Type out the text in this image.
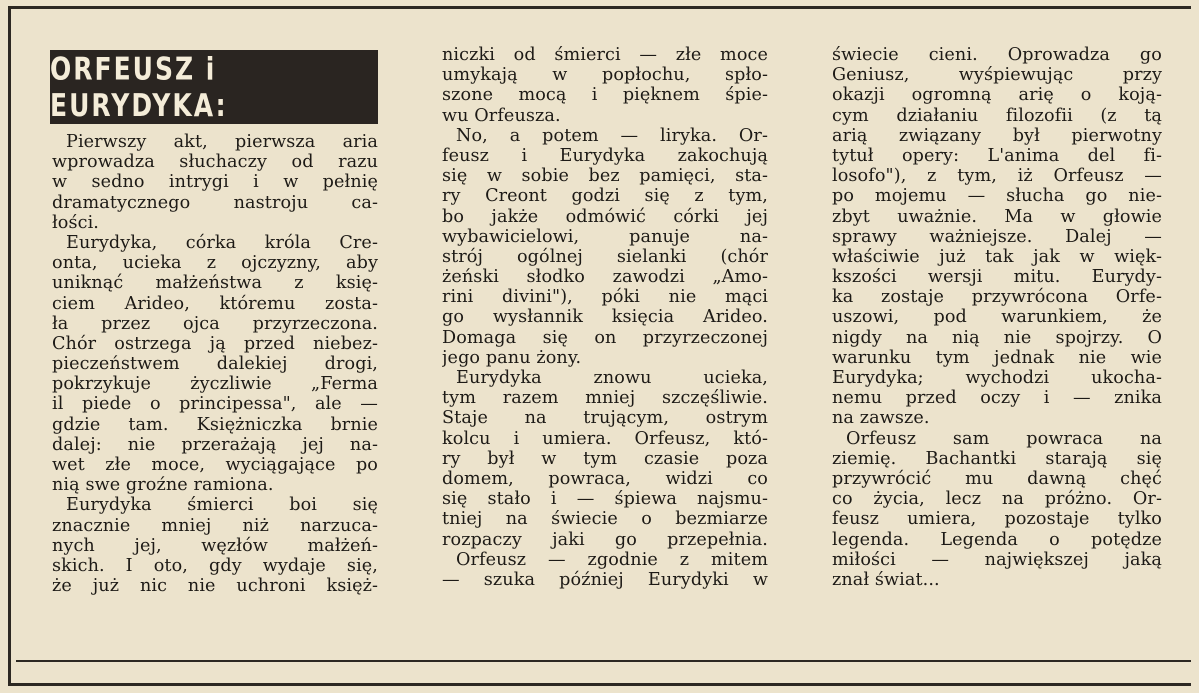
ORFEUSZ i EURYDYKA:
Pierwszy akt, pierwsza aria
wprowadza słuchaczy od razu
w sedno intrygi i w pełnię
dramatycznego nastroju ca-
łości.
Eurydyka, córka króla Cre-
onta, ucieka z ojczyzny, aby
uniknąć małżeństwa z księ-
ciem Arideo, któremu zosta-
ła przez ojca przyrzeczona.
Chór ostrzega ją przed niebez-
pieczeństwem dalekiej drogi,
pokrzykuje życzliwie „Ferma
il piede o principessa", ale —
gdzie tam. Księżniczka brnie
dalej: nie przerażają jej na-
wet złe moce, wyciągające po
nią swe groźne ramiona.
Eurydyka śmierci boi się
znacznie mniej niż narzuca-
nych jej, węzłów małżeń-
skich. I oto, gdy wydaje się,
że już nic nie uchroni księż-
niczki od śmierci — złe moce
umykają w popłochu, spło-
szone mocą i pięknem śpie-
wu Orfeusza.
No, a potem — liryka. Or-
feusz i Eurydyka zakochują
się w sobie bez pamięci, sta-
ry Creont godzi się z tym,
bo jakże odmówić córki jej
wybawicielowi, panuje na-
strój ogólnej sielanki (chór
żeński słodko zawodzi „Amo-
rini divini"), póki nie mąci
go wysłannik księcia Arideo.
Domaga się on przyrzeczonej
jego panu żony.
Eurydyka znowu ucieka,
tym razem mniej szczęśliwie.
Staje na trującym, ostrym
kolcu i umiera. Orfeusz, któ-
ry był w tym czasie poza
domem, powraca, widzi co
się stało i — śpiewa najsmu-
tniej na świecie o bezmiarze
rozpaczy jaki go przepełnia.
Orfeusz — zgodnie z mitem
— szuka później Eurydyki w
świecie cieni. Oprowadza go
Geniusz, wyśpiewując przy
okazji ogromną arię o koją-
cym działaniu filozofii (z tą
arią związany był pierwotny
tytuł opery: L'anima del fi-
losofo"), z tym, iż Orfeusz —
po mojemu — słucha go nie-
zbyt uważnie. Ma w głowie
sprawy ważniejsze. Dalej —
właściwie już tak jak w więk-
kszości wersji mitu. Eurydy-
ka zostaje przywrócona Orfe-
uszowi, pod warunkiem, że
nigdy na nią nie spojrzy. O
warunku tym jednak nie wie
Eurydyka; wychodzi ukocha-
nemu przed oczy i — znika
na zawsze.
Orfeusz sam powraca na
ziemię. Bachantki starają się
przywrócić mu dawną chęć
co życia, lecz na próżno. Or-
feusz umiera, pozostaje tylko
legenda. Legenda o potędze
miłości — największej jaką
znał świat...
